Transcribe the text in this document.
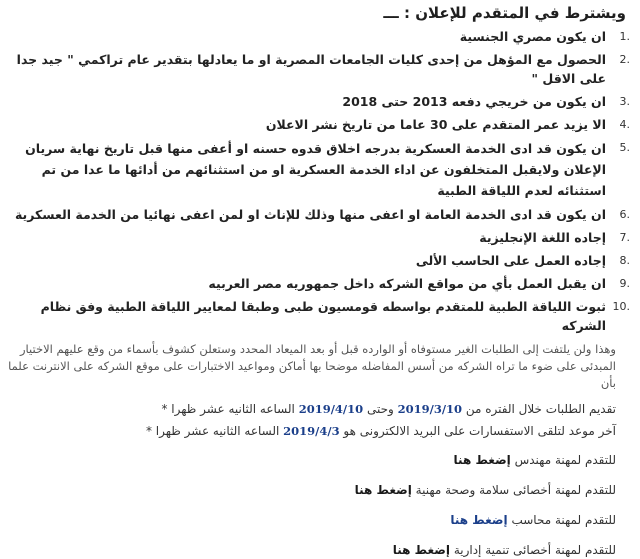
ويشترط في المتقدم للإعلان : ـــ
1.
ان يكون مصري الجنسية
2.
الحصول مع المؤهل من إحدى كليات الجامعات المصرية او ما يعادلها بتقدير عام تراكمي " جيد جدا على الاقل "
3.
ان يكون من خريجي دفعه 2013 حتى 2018
4.
الا يزيد عمر المتقدم على 30 عاما من تاريخ نشر الاعلان
5.
ان يكون قد ادى الخدمة العسكرية بدرجه اخلاق قدوه حسنه او أعفى منها قبل تاريخ نهاية سريان الإعلان ولايقبل المتخلفون عن اداء الخدمة العسكرية او من استثنائهم من أدائها ما عدا من تم استثنائه لعدم اللياقة الطبية
6.
ان يكون قد ادى الخدمة العامة او اعفى منها وذلك للإناث او لمن اعفى نهائيا من الخدمة العسكرية
7.
إجاده اللغة الإنجليزية
8.
إجاده العمل على الحاسب الألى
9.
ان يقبل العمل بأي من مواقع الشركه داخل جمهوريه مصر العربيه
10.
ثبوت اللياقة الطبية للمتقدم بواسطه قومسيون طبى وطبقا لمعايير اللياقة الطبية وفق نظام الشركه
وهذا ولن يلتفت إلى الطلبات الغير مستوفاه أو الوارده قبل أو بعد الميعاد المحدد وستعلن كشوف بأسماء من وقع عليهم الاختيار المبدئى على ضوء ما تراه الشركه من أسس المفاضله موضحا بها أماكن ومواعيد الاختبارات على موقع الشركه على الانترنت علما بأن
تقديم الطلبات خلال الفتره من 2019/3/10 وحتى 2019/4/10 الساعه الثانيه عشر ظهرا *
آخر موعد لتلقى الاستفسارات على البريد الالكترونى هو 2019/4/3 الساعه الثانيه عشر ظهرا *
للتقدم لمهنة مهندس إضغط هنا
للتقدم لمهنة أخصائى سلامة وصحة مهنية إضغط هنا
للتقدم لمهنة محاسب إضغط هنا
للتقدم لمهنة أخصائى تنمية إدارية إضغط هنا
